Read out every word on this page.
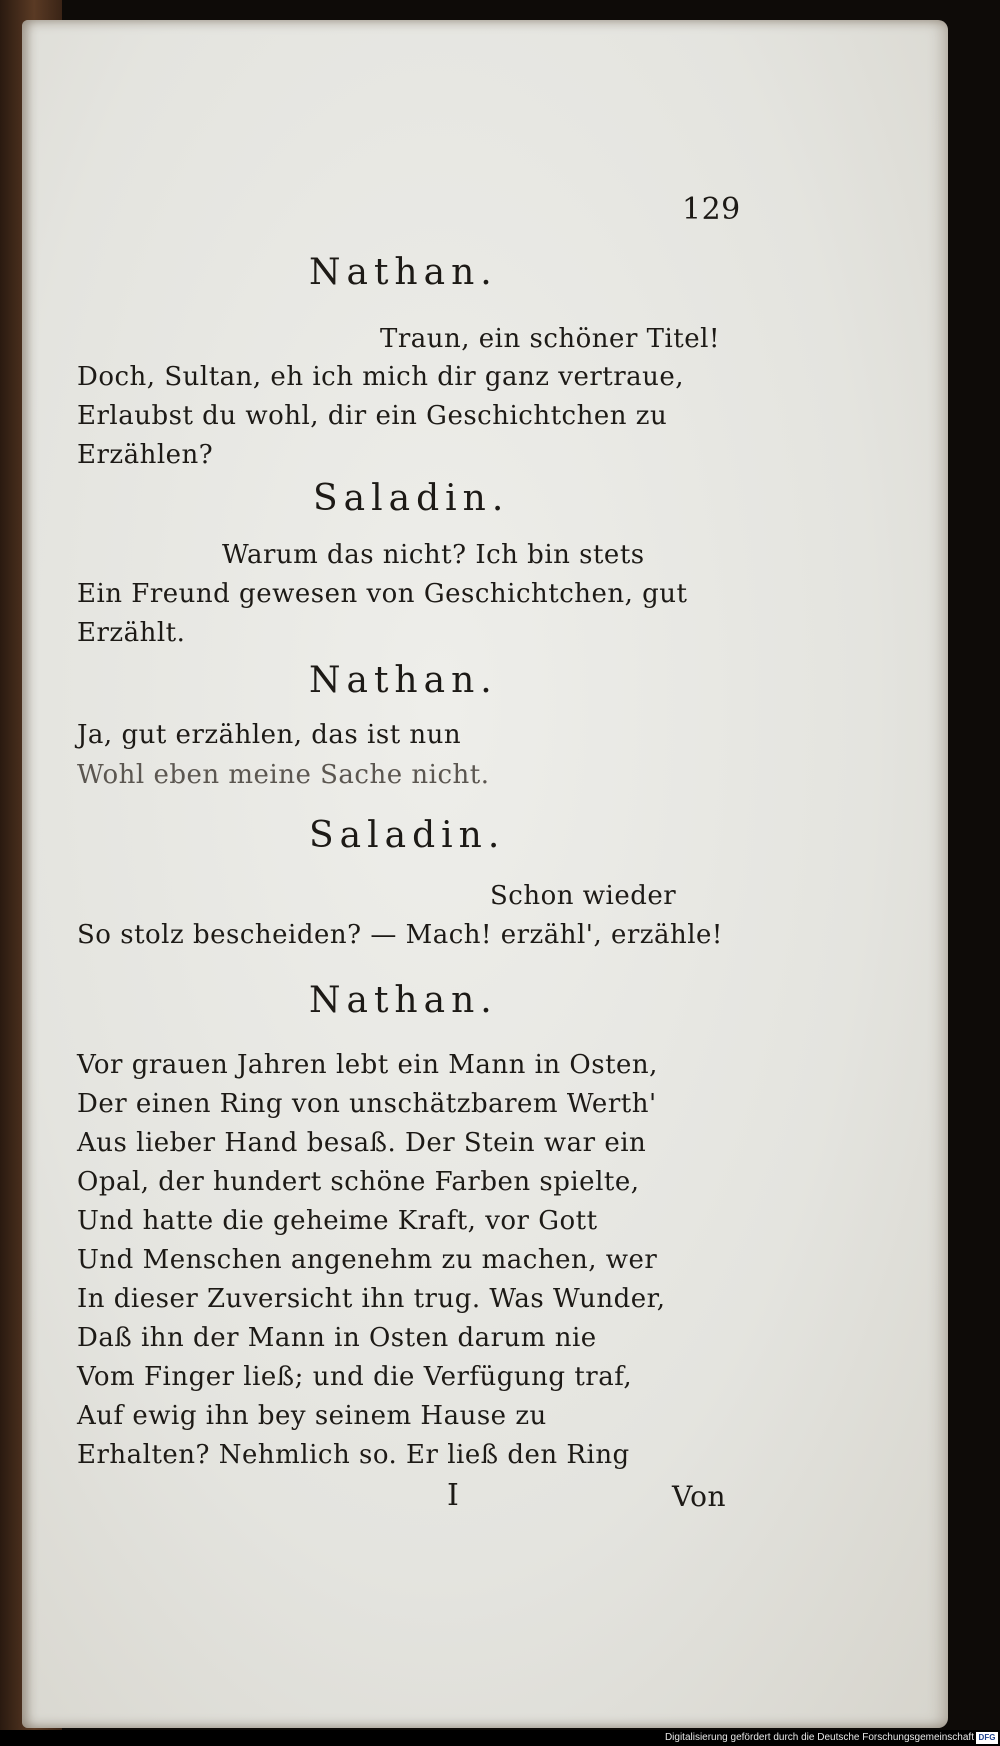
129
Nathan.
Traun, ein schöner Titel!
Doch, Sultan, eh ich mich dir ganz vertraue,
Erlaubst du wohl, dir ein Geschichtchen zu
Erzählen?
Saladin.
Warum das nicht? Ich bin stets
Ein Freund gewesen von Geschichtchen, gut
Erzählt.
Nathan.
Ja, gut erzählen, das ist nun
Wohl eben meine Sache nicht.
Saladin.
Schon wieder
So stolz bescheiden? — Mach! erzähl', erzähle!
Nathan.
Vor grauen Jahren lebt ein Mann in Osten,
Der einen Ring von unschätzbarem Werth'
Aus lieber Hand besaß. Der Stein war ein
Opal, der hundert schöne Farben spielte,
Und hatte die geheime Kraft, vor Gott
Und Menschen angenehm zu machen, wer
In dieser Zuversicht ihn trug. Was Wunder,
Daß ihn der Mann in Osten darum nie
Vom Finger ließ; und die Verfügung traf,
Auf ewig ihn bey seinem Hause zu
Erhalten? Nehmlich so. Er ließ den Ring
I	Von
Digitalisierung gefördert durch die Deutsche Forschungsgemeinschaft DFG
